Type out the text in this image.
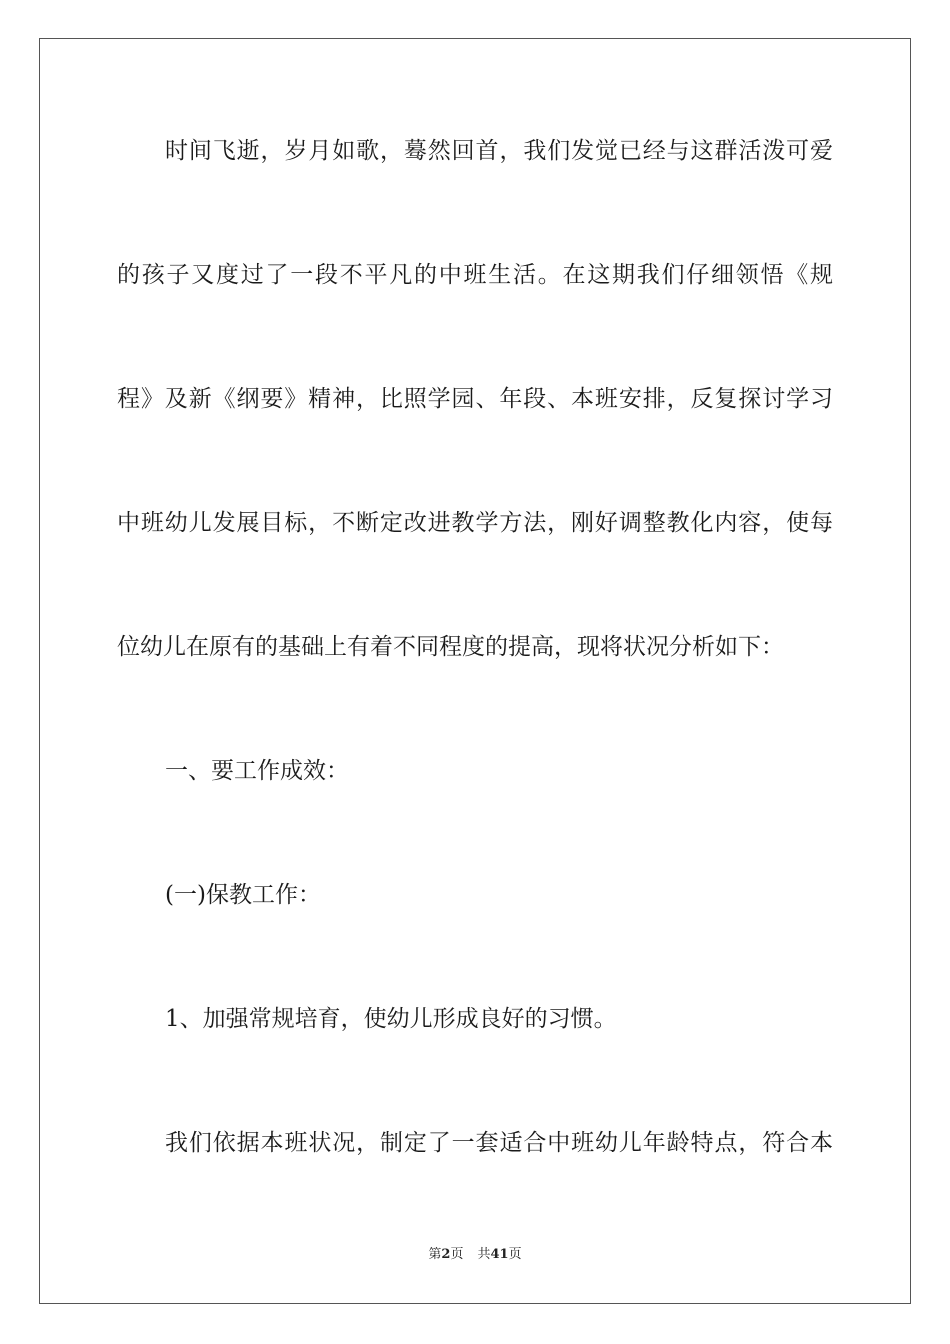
时间飞逝，岁月如歌，蓦然回首，我们发觉已经与这群活泼可爱
的孩子又度过了一段不平凡的中班生活。在这期我们仔细领悟《规
程》及新《纲要》精神，比照学园、年段、本班安排，反复探讨学习
中班幼儿发展目标，不断定改进教学方法，刚好调整教化内容，使每
位幼儿在原有的基础上有着不同程度的提高，现将状况分析如下：
一、要工作成效：
(一)保教工作：
1、加强常规培育，使幼儿形成良好的习惯。
我们依据本班状况，制定了一套适合中班幼儿年龄特点，符合本
第2页 共41页
